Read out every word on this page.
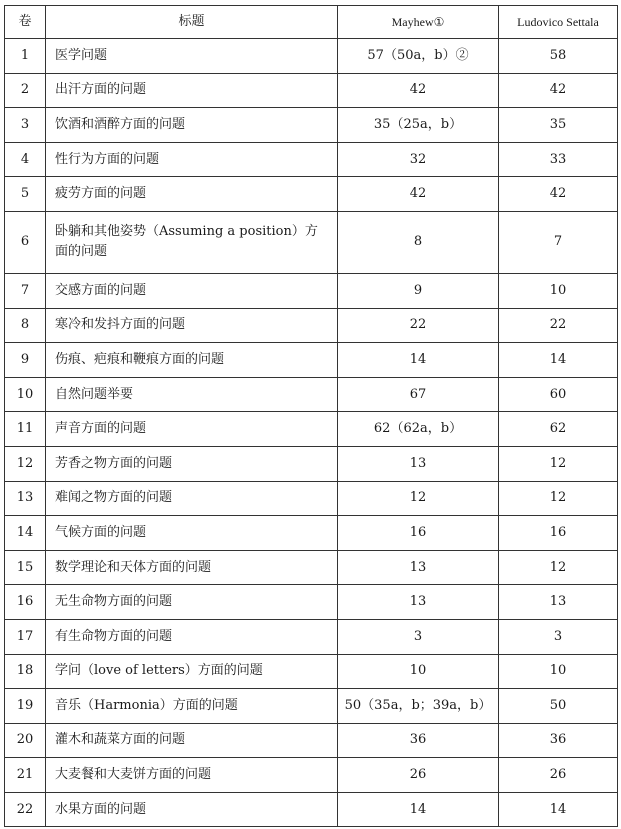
卷	标题	Mayhew①	Ludovico Settala
1	医学问题	57（50a，b）②	58
2	出汗方面的问题	42	42
3	饮酒和酒醉方面的问题	35（25a，b）	35
4	性行为方面的问题	32	33
5	疲劳方面的问题	42	42
6	卧躺和其他姿势（Assuming a position）方面的问题	8	7
7	交感方面的问题	9	10
8	寒冷和发抖方面的问题	22	22
9	伤痕、疤痕和鞭痕方面的问题	14	14
10	自然问题举要	67	60
11	声音方面的问题	62（62a，b）	62
12	芳香之物方面的问题	13	12
13	难闻之物方面的问题	12	12
14	气候方面的问题	16	16
15	数学理论和天体方面的问题	13	12
16	无生命物方面的问题	13	13
17	有生命物方面的问题	3	3
18	学问（love of letters）方面的问题	10	10
19	音乐（Harmonia）方面的问题	50（35a，b；39a，b）	50
20	灌木和蔬菜方面的问题	36	36
21	大麦餐和大麦饼方面的问题	26	26
22	水果方面的问题	14	14
